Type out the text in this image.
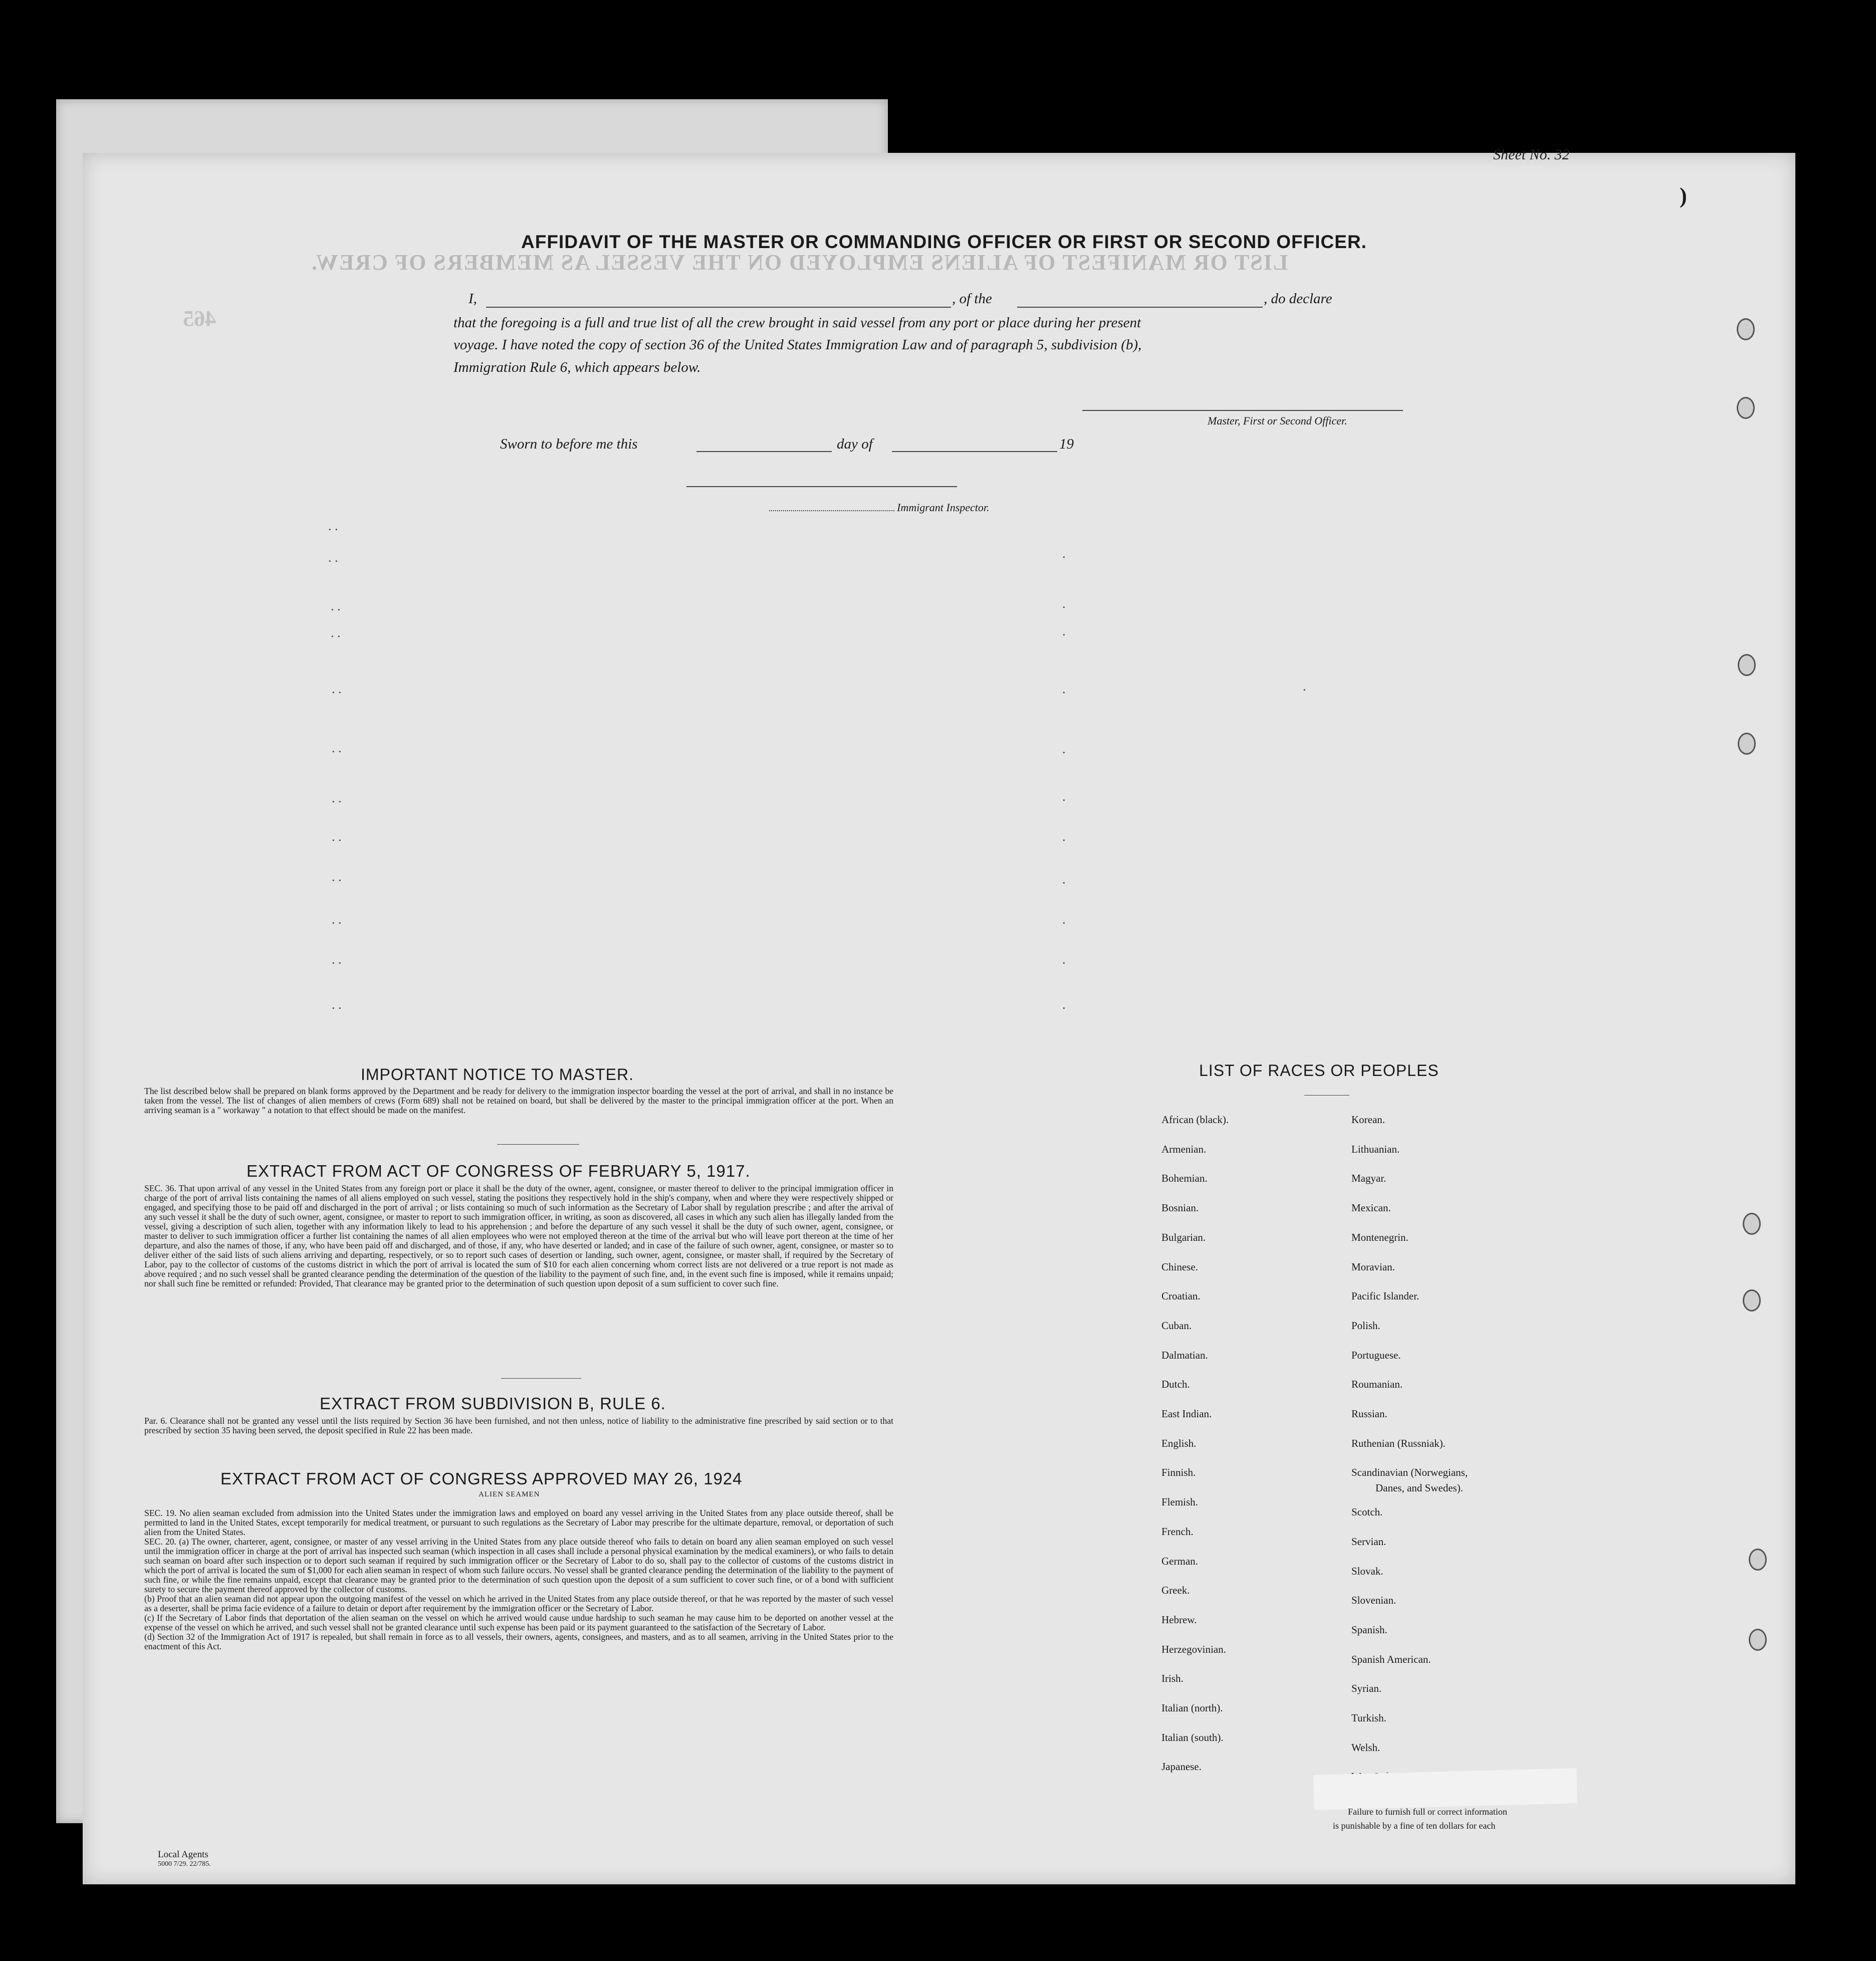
Sheet No. 32
)
LIST OR MANIFEST OF ALIENS EMPLOYED ON THE VESSEL AS MEMBERS OF CREW.
465
AFFIDAVIT OF THE MASTER OR COMMANDING OFFICER OR FIRST OR SECOND OFFICER.
I,	, of the	, do declare
that the foregoing is a full and true list of all the crew brought in said vessel from any port or place during her present
voyage. I have noted the copy of section 36 of the United States Immigration Law and of paragraph 5, subdivision (b),
Immigration Rule 6, which appears below.
Master, First or Second Officer.
Sworn to before me this	day of	19
Immigrant Inspector.
. .
. .
. .
. .
. .
. .
. .
. .
. .
. .
. .
. .
.
.
.
.	.
.
.
.
.
.
.
.
IMPORTANT NOTICE TO MASTER.
The list described below shall be prepared on blank forms approved by the Department and be ready for delivery to the immigration inspector boarding the vessel at the port of arrival, and shall in no instance be taken from the vessel. The list of changes of alien members of crews (Form 689) shall not be retained on board, but shall be delivered by the master to the principal immigration officer at the port. When an arriving seaman is a " workaway " a notation to that effect should be made on the manifest.
EXTRACT FROM ACT OF CONGRESS OF FEBRUARY 5, 1917.
SEC. 36. That upon arrival of any vessel in the United States from any foreign port or place it shall be the duty of the owner, agent, consignee, or master thereof to deliver to the principal immigration officer in charge of the port of arrival lists containing the names of all aliens employed on such vessel, stating the positions they respectively hold in the ship's company, when and where they were respectively shipped or engaged, and specifying those to be paid off and discharged in the port of arrival ; or lists containing so much of such information as the Secretary of Labor shall by regulation prescribe ; and after the arrival of any such vessel it shall be the duty of such owner, agent, consignee, or master to report to such immigration officer, in writing, as soon as discovered, all cases in which any such alien has illegally landed from the vessel, giving a description of such alien, together with any information likely to lead to his apprehension ; and before the departure of any such vessel it shall be the duty of such owner, agent, consignee, or master to deliver to such immigration officer a further list containing the names of all alien employees who were not employed thereon at the time of the arrival but who will leave port thereon at the time of her departure, and also the names of those, if any, who have been paid off and discharged, and of those, if any, who have deserted or landed; and in case of the failure of such owner, agent, consignee, or master so to deliver either of the said lists of such aliens arriving and departing, respectively, or so to report such cases of desertion or landing, such owner, agent, consignee, or master shall, if required by the Secretary of Labor, pay to the collector of customs of the customs district in which the port of arrival is located the sum of $10 for each alien concerning whom correct lists are not delivered or a true report is not made as above required ; and no such vessel shall be granted clearance pending the determination of the question of the liability to the payment of such fine, and, in the event such fine is imposed, while it remains unpaid; nor shall such fine be remitted or refunded: Provided, That clearance may be granted prior to the determination of such question upon deposit of a sum sufficient to cover such fine.
EXTRACT FROM SUBDIVISION B, RULE 6.
Par. 6. Clearance shall not be granted any vessel until the lists required by Section 36 have been furnished, and not then unless, notice of liability to the administrative fine prescribed by said section or to that prescribed by section 35 having been served, the deposit specified in Rule 22 has been made.
EXTRACT FROM ACT OF CONGRESS APPROVED MAY 26, 1924
ALIEN SEAMEN
SEC. 19. No alien seaman excluded from admission into the United States under the immigration laws and employed on board any vessel arriving in the United States from any place outside thereof, shall be permitted to land in the United States, except temporarily for medical treatment, or pursuant to such regulations as the Secretary of Labor may prescribe for the ultimate departure, removal, or deportation of such alien from the United States.
SEC. 20. (a) The owner, charterer, agent, consignee, or master of any vessel arriving in the United States from any place outside thereof who fails to detain on board any alien seaman employed on such vessel until the immigration officer in charge at the port of arrival has inspected such seaman (which inspection in all cases shall include a personal physical examination by the medical examiners), or who fails to detain such seaman on board after such inspection or to deport such seaman if required by such immigration officer or the Secretary of Labor to do so, shall pay to the collector of customs of the customs district in which the port of arrival is located the sum of $1,000 for each alien seaman in respect of whom such failure occurs. No vessel shall be granted clearance pending the determination of the liability to the payment of such fine, or while the fine remains unpaid, except that clearance may be granted prior to the determination of such question upon the deposit of a sum sufficient to cover such fine, or of a bond with sufficient surety to secure the payment thereof approved by the collector of customs.
(b) Proof that an alien seaman did not appear upon the outgoing manifest of the vessel on which he arrived in the United States from any place outside thereof, or that he was reported by the master of such vessel as a deserter, shall be prima facie evidence of a failure to detain or deport after requirement by the immigration officer or the Secretary of Labor.
(c) If the Secretary of Labor finds that deportation of the alien seaman on the vessel on which he arrived would cause undue hardship to such seaman he may cause him to be deported on another vessel at the expense of the vessel on which he arrived, and such vessel shall not be granted clearance until such expense has been paid or its payment guaranteed to the satisfaction of the Secretary of Labor.
(d) Section 32 of the Immigration Act of 1917 is repealed, but shall remain in force as to all vessels, their owners, agents, consignees, and masters, and as to all seamen, arriving in the United States prior to the enactment of this Act.
LIST OF RACES OR PEOPLES
African (black).
Armenian.
Bohemian.
Bosnian.
Bulgarian.
Chinese.
Croatian.
Cuban.
Dalmatian.
Dutch.
East Indian.
English.
Finnish.
Flemish.
French.
German.
Greek.
Hebrew.
Herzegovinian.
Irish.
Italian (north).
Italian (south).
Japanese.
Korean.
Lithuanian.
Magyar.
Mexican.
Montenegrin.
Moravian.
Pacific Islander.
Polish.
Portuguese.
Roumanian.
Russian.
Ruthenian (Russniak).
Scandinavian (Norwegians,
Scotch.
Servian.
Slovak.
Slovenian.
Spanish.
Spanish American.
Syrian.
Turkish.
Welsh.
Danes, and Swedes).
Local Agents
5000 7/29. 22/785.
Failure to furnish full or correct information
is punishable by a fine of ten dollars for each
